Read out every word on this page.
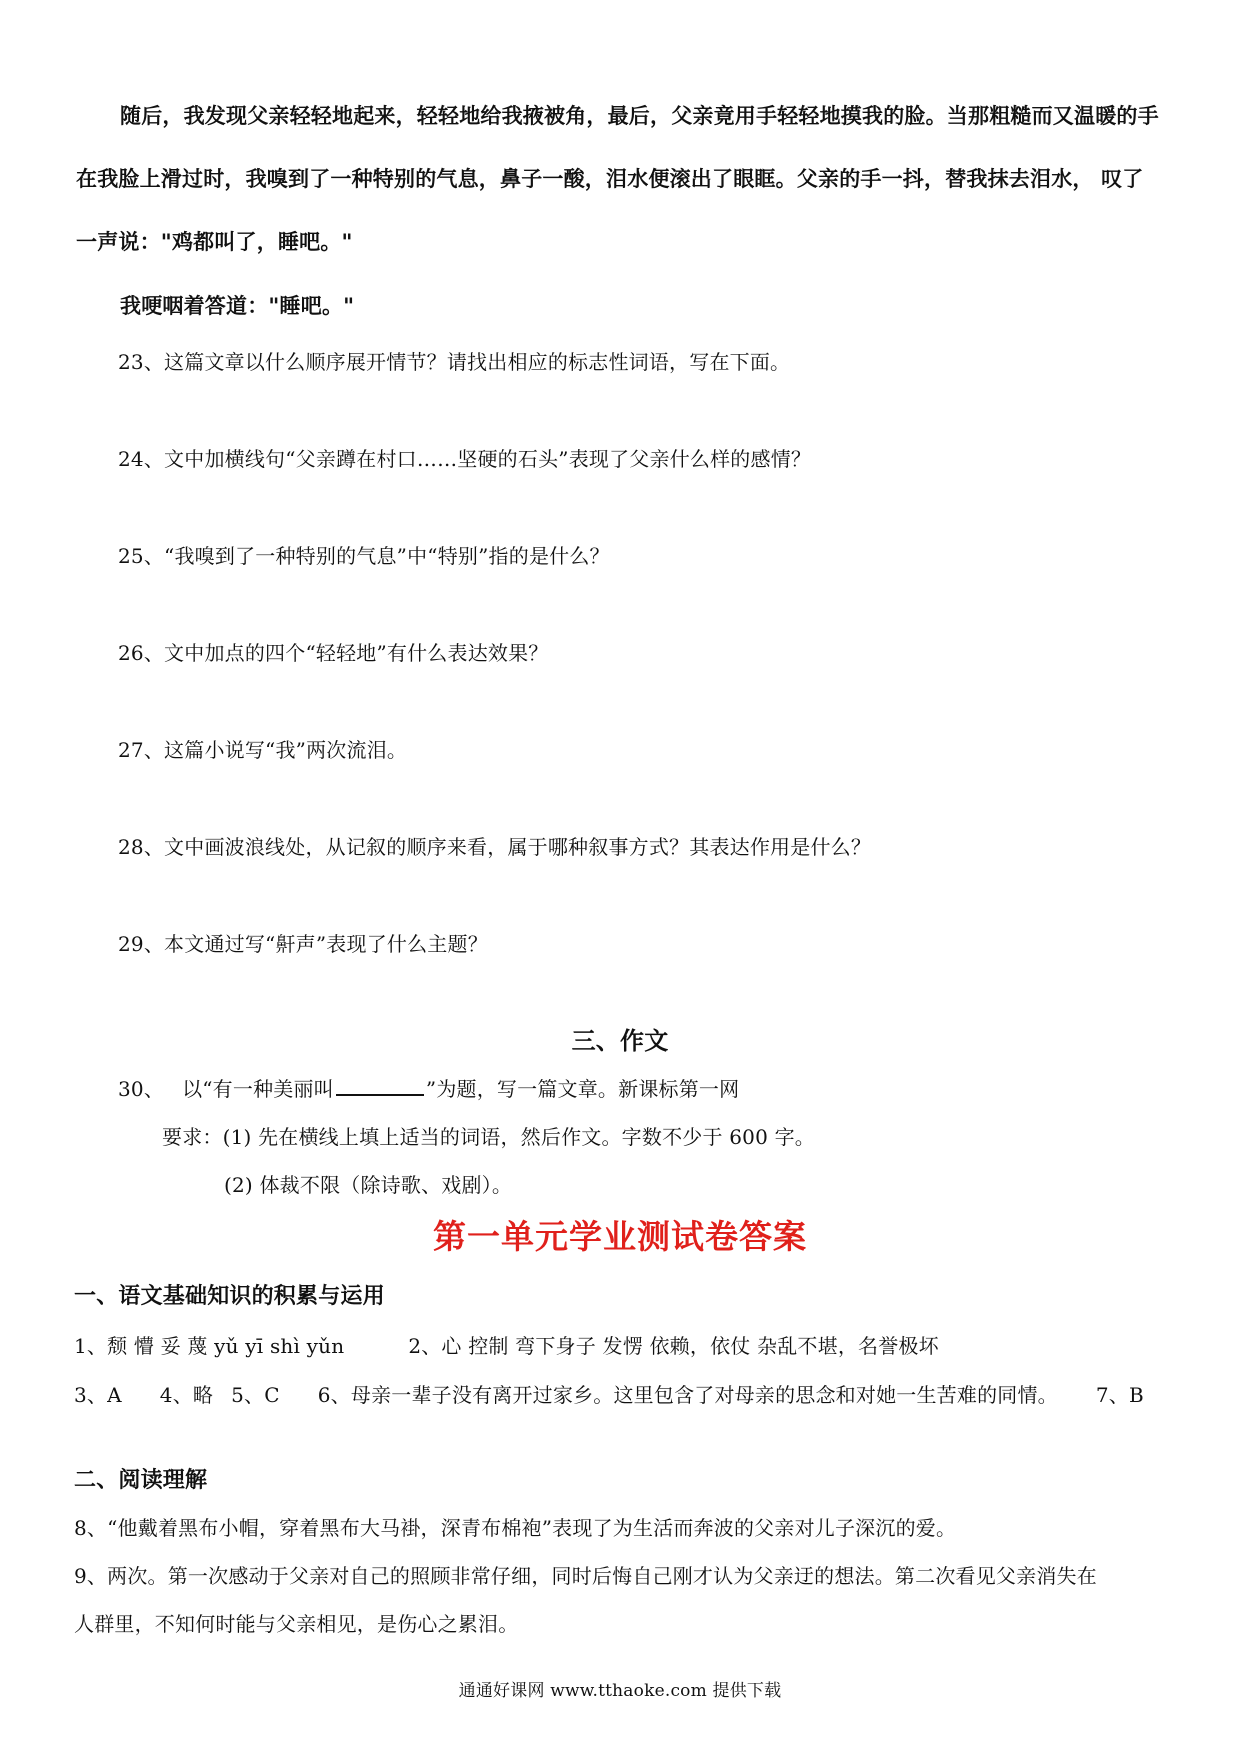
随后，我发现父亲轻轻地起来，轻轻地给我掖被角，最后，父亲竟用手轻轻地摸我的脸。当那粗糙而又温暖的手
在我脸上滑过时，我嗅到了一种特别的气息，鼻子一酸，泪水便滚出了眼眶。父亲的手一抖，替我抹去泪水， 叹了
一声说："鸡都叫了，睡吧。"
我哽咽着答道："睡吧。"
23、这篇文章以什么顺序展开情节？请找出相应的标志性词语，写在下面。
24、文中加横线句“父亲蹲在村口……坚硬的石头”表现了父亲什么样的感情？
25、“我嗅到了一种特别的气息”中“特别”指的是什么？
26、文中加点的四个“轻轻地”有什么表达效果？
27、这篇小说写“我”两次流泪。
28、文中画波浪线处，从记叙的顺序来看，属于哪种叙事方式？其表达作用是什么？
29、本文通过写“鼾声”表现了什么主题？
三、作文
30、 以“有一种美丽叫	”为题，写一篇文章。新课标第一网
要求：(1) 先在横线上填上适当的词语，然后作文。字数不少于 600 字。
(2) 体裁不限（除诗歌、戏剧）。
第一单元学业测试卷答案
一、语文基础知识的积累与运用
1、颓 懵 妥 蔑 yǔ yī shì yǔn	2、心 控制 弯下身子 发愣 依赖，依仗 杂乱不堪，名誉极坏
3、A 4、略 5、C 6、母亲一辈子没有离开过家乡。这里包含了对母亲的思念和对她一生苦难的同情。 7、B
二、阅读理解
8、“他戴着黑布小帽，穿着黑布大马褂，深青布棉袍”表现了为生活而奔波的父亲对儿子深沉的爱。
9、两次。第一次感动于父亲对自己的照顾非常仔细，同时后悔自己刚才认为父亲迂的想法。第二次看见父亲消失在
人群里，不知何时能与父亲相见，是伤心之累泪。
通通好课网 www.tthaoke.com 提供下载
